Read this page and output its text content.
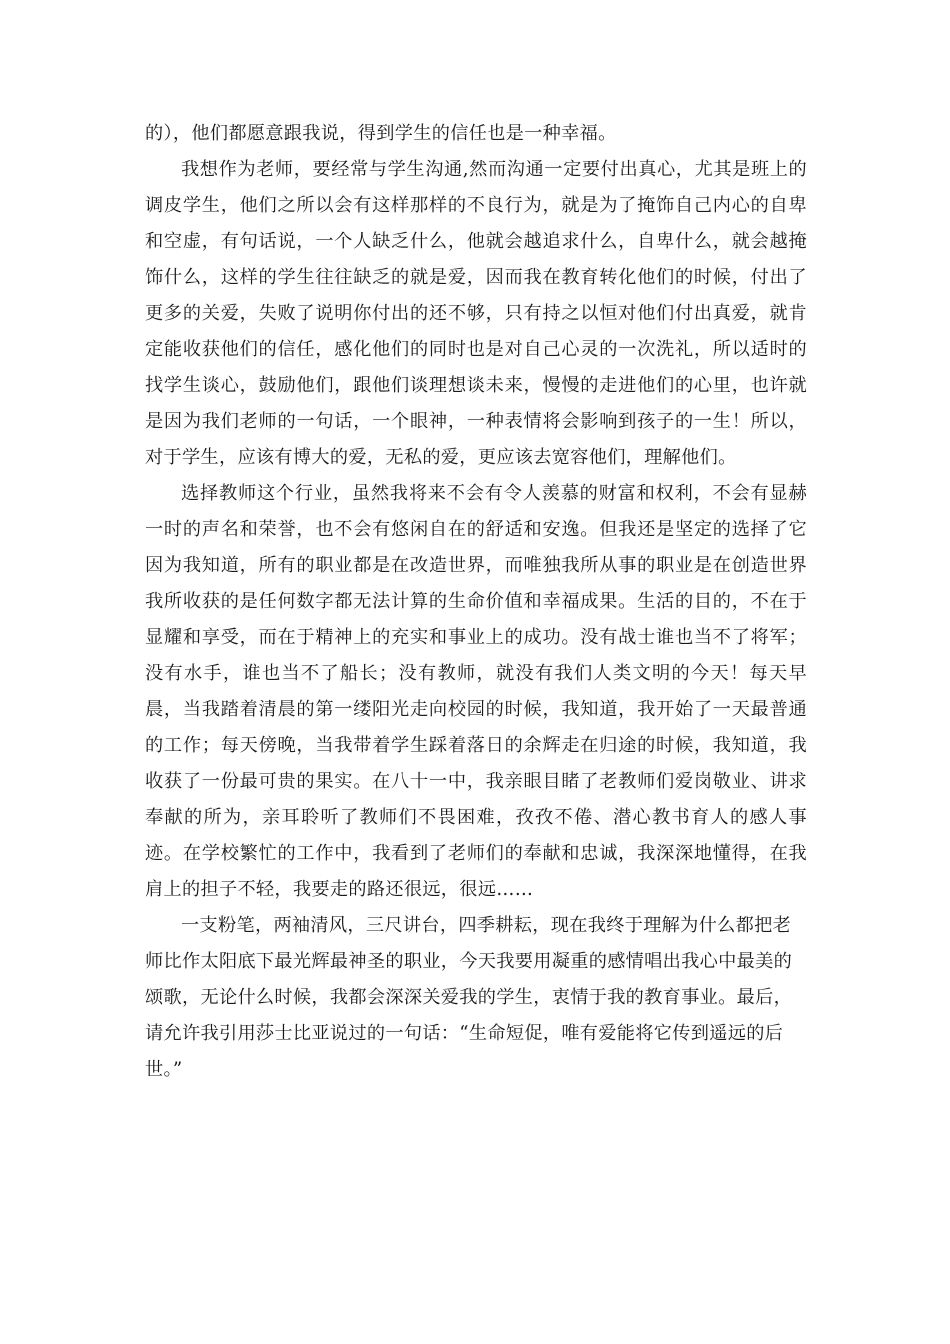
的），他们都愿意跟我说，得到学生的信任也是一种幸福。

我想作为老师，要经常与学生沟通,然而沟通一定要付出真心，尤其是班上的调皮学生，他们之所以会有这样那样的不良行为，就是为了掩饰自己内心的自卑和空虚，有句话说，一个人缺乏什么，他就会越追求什么，自卑什么，就会越掩饰什么，这样的学生往往缺乏的就是爱，因而我在教育转化他们的时候，付出了更多的关爱，失败了说明你付出的还不够，只有持之以恒对他们付出真爱，就肯定能收获他们的信任，感化他们的同时也是对自己心灵的一次洗礼，所以适时的找学生谈心，鼓励他们，跟他们谈理想谈未来，慢慢的走进他们的心里，也许就是因为我们老师的一句话，一个眼神，一种表情将会影响到孩子的一生！所以，对于学生，应该有博大的爱，无私的爱，更应该去宽容他们，理解他们。

选择教师这个行业，虽然我将来不会有令人羡慕的财富和权利，不会有显赫一时的声名和荣誉，也不会有悠闲自在的舒适和安逸。但我还是坚定的选择了它因为我知道，所有的职业都是在改造世界，而唯独我所从事的职业是在创造世界我所收获的是任何数字都无法计算的生命价值和幸福成果。生活的目的，不在于显耀和享受，而在于精神上的充实和事业上的成功。没有战士谁也当不了将军；没有水手，谁也当不了船长；没有教师，就没有我们人类文明的今天！每天早晨，当我踏着清晨的第一缕阳光走向校园的时候，我知道，我开始了一天最普通的工作；每天傍晚，当我带着学生踩着落日的余辉走在归途的时候，我知道，我收获了一份最可贵的果实。在八十一中，我亲眼目睹了老教师们爱岗敬业、讲求奉献的所为，亲耳聆听了教师们不畏困难，孜孜不倦、潜心教书育人的感人事迹。在学校繁忙的工作中，我看到了老师们的奉献和忠诚，我深深地懂得，在我肩上的担子不轻，我要走的路还很远，很远……

一支粉笔，两袖清风，三尺讲台，四季耕耘，现在我终于理解为什么都把老师比作太阳底下最光辉最神圣的职业，今天我要用凝重的感情唱出我心中最美的颂歌，无论什么时候，我都会深深关爱我的学生，衷情于我的教育事业。最后，请允许我引用莎士比亚说过的一句话：“生命短促，唯有爱能将它传到遥远的后世。”
